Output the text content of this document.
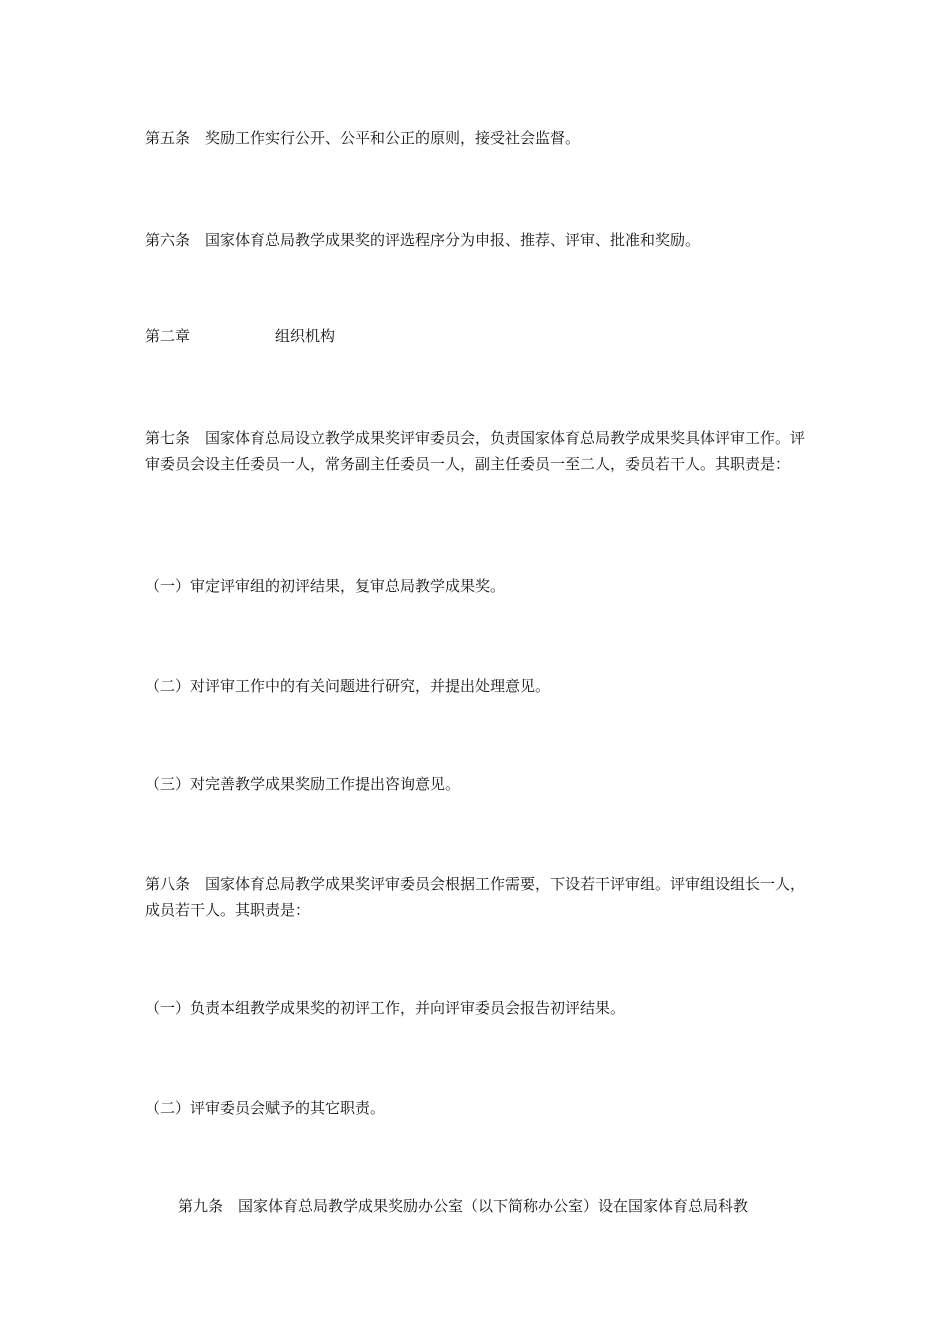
第五条　奖励工作实行公开、公平和公正的原则，接受社会监督。

第六条　国家体育总局教学成果奖的评选程序分为申报、推荐、评审、批准和奖励。

第二章	组织机构

第七条　国家体育总局设立教学成果奖评审委员会，负责国家体育总局教学成果奖具体评审工作。评审委员会设主任委员一人，常务副主任委员一人，副主任委员一至二人，委员若干人。其职责是：

（一）审定评审组的初评结果，复审总局教学成果奖。

（二）对评审工作中的有关问题进行研究，并提出处理意见。

（三）对完善教学成果奖励工作提出咨询意见。

第八条　国家体育总局教学成果奖评审委员会根据工作需要，下设若干评审组。评审组设组长一人，成员若干人。其职责是：

（一）负责本组教学成果奖的初评工作，并向评审委员会报告初评结果。

（二）评审委员会赋予的其它职责。

第九条　国家体育总局教学成果奖励办公室（以下简称办公室）设在国家体育总局科教
